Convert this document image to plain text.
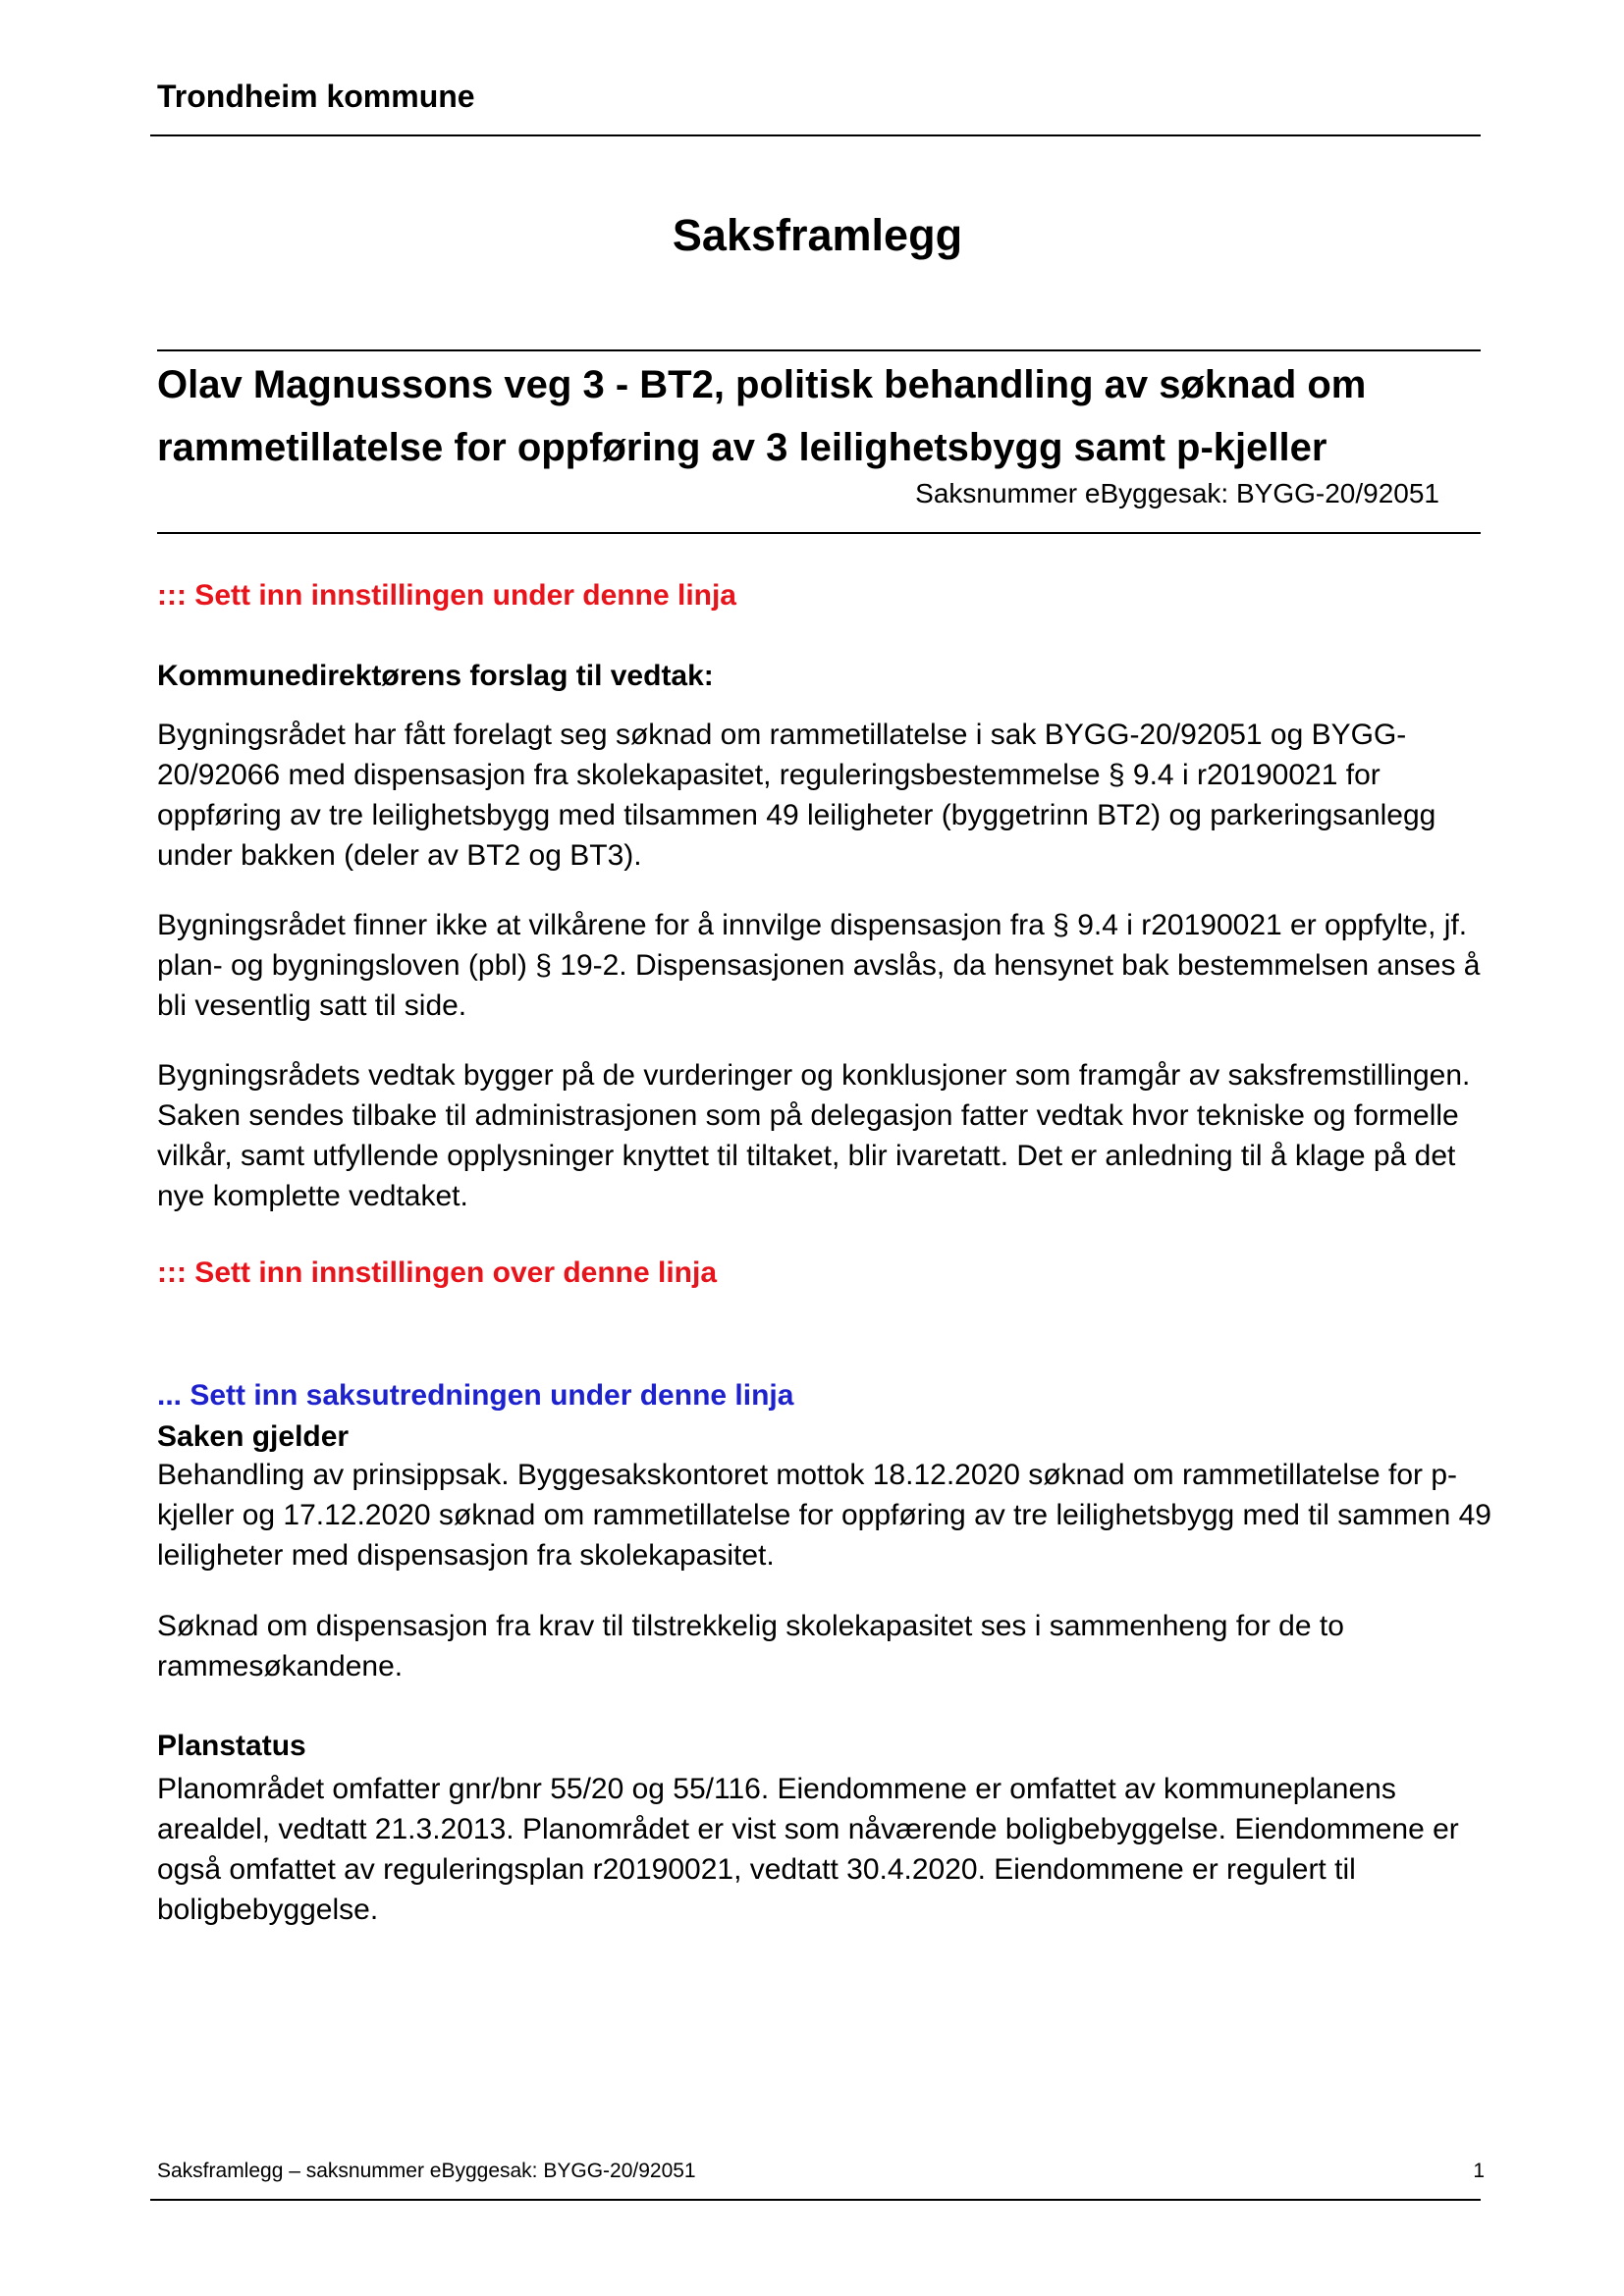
Trondheim kommune
Saksframlegg
Olav Magnussons veg 3 - BT2, politisk behandling av søknad om rammetillatelse for oppføring av 3 leilighetsbygg samt p-kjeller
Saksnummer eByggesak: BYGG-20/92051
::: Sett inn innstillingen under denne linja
Kommunedirektørens forslag til vedtak:

Bygningsrådet har fått forelagt seg søknad om rammetillatelse i sak BYGG-20/92051 og BYGG-20/92066 med dispensasjon fra skolekapasitet, reguleringsbestemmelse § 9.4 i r20190021 for oppføring av tre leilighetsbygg med tilsammen 49 leiligheter (byggetrinn BT2) og parkeringsanlegg under bakken (deler av BT2 og BT3).

Bygningsrådet finner ikke at vilkårene for å innvilge dispensasjon fra § 9.4 i r20190021 er oppfylte, jf. plan- og bygningsloven (pbl) § 19-2. Dispensasjonen avslås, da hensynet bak bestemmelsen anses å bli vesentlig satt til side.

Bygningsrådets vedtak bygger på de vurderinger og konklusjoner som framgår av saksfremstillingen. Saken sendes tilbake til administrasjonen som på delegasjon fatter vedtak hvor tekniske og formelle vilkår, samt utfyllende opplysninger knyttet til tiltaket, blir ivaretatt. Det er anledning til å klage på det nye komplette vedtaket.

::: Sett inn innstillingen over denne linja
... Sett inn saksutredningen under denne linja
Saken gjelder

Behandling av prinsippsak. Byggesakskontoret mottok 18.12.2020 søknad om rammetillatelse for p-kjeller og 17.12.2020 søknad om rammetillatelse for oppføring av tre leilighetsbygg med til sammen 49 leiligheter med dispensasjon fra skolekapasitet.

Søknad om dispensasjon fra krav til tilstrekkelig skolekapasitet ses i sammenheng for de to rammesøkandene.

Planstatus

Planområdet omfatter gnr/bnr 55/20 og 55/116. Eiendommene er omfattet av kommuneplanens arealdel, vedtatt 21.3.2013. Planområdet er vist som nåværende boligbebyggelse. Eiendommene er også omfattet av reguleringsplan r20190021, vedtatt 30.4.2020. Eiendommene er regulert til boligbebyggelse.

Saksframlegg – saksnummer eByggesak: BYGG-20/92051	1
